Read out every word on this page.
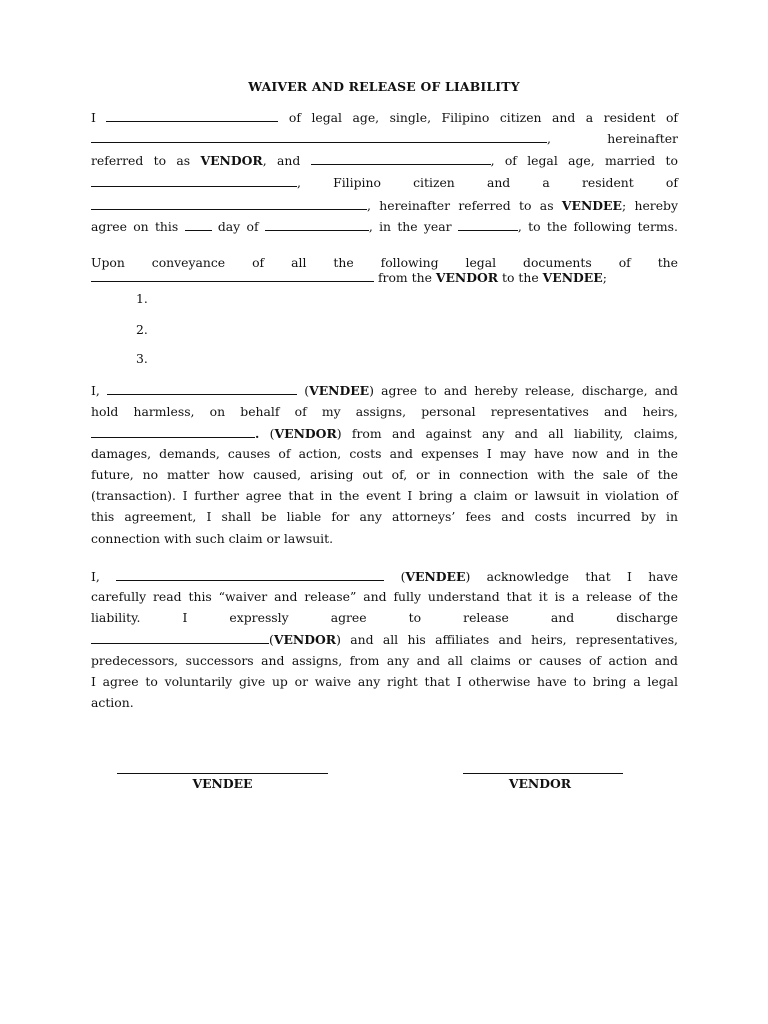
WAIVER AND RELEASE OF LIABILITY
I	of legal age, single, Filipino citizen and a resident of
,	hereinafter
referred to as VENDOR, and	, of legal age, married to
,	Filipino	citizen	and	a	resident	of
, hereinafter referred to as VENDEE; hereby
agree on this	day of	, in the year	, to the following terms.
Upon conveyance of all the following legal documents of the
from the VENDOR to the VENDEE;
1.
2.
3.
I,	(VENDEE) agree to and hereby release, discharge, and
hold harmless, on behalf of my assigns, personal representatives and heirs,
. (VENDOR) from and against any and all liability, claims,
damages, demands, causes of action, costs and expenses I may have now and in the
future, no matter how caused, arising out of, or in connection with the sale of the
(transaction). I further agree that in the event I bring a claim or lawsuit in violation of
this agreement, I shall be liable for any attorneys’ fees and costs incurred by in
connection with such claim or lawsuit.
I,	(VENDEE) acknowledge that I have
carefully read this “waiver and release” and fully understand that it is a release of the
liability. I expressly agree to release and discharge
(VENDOR) and all his affiliates and heirs, representatives,
predecessors, successors and assigns, from any and all claims or causes of action and
I agree to voluntarily give up or waive any right that I otherwise have to bring a legal
action.
VENDEE	VENDOR
